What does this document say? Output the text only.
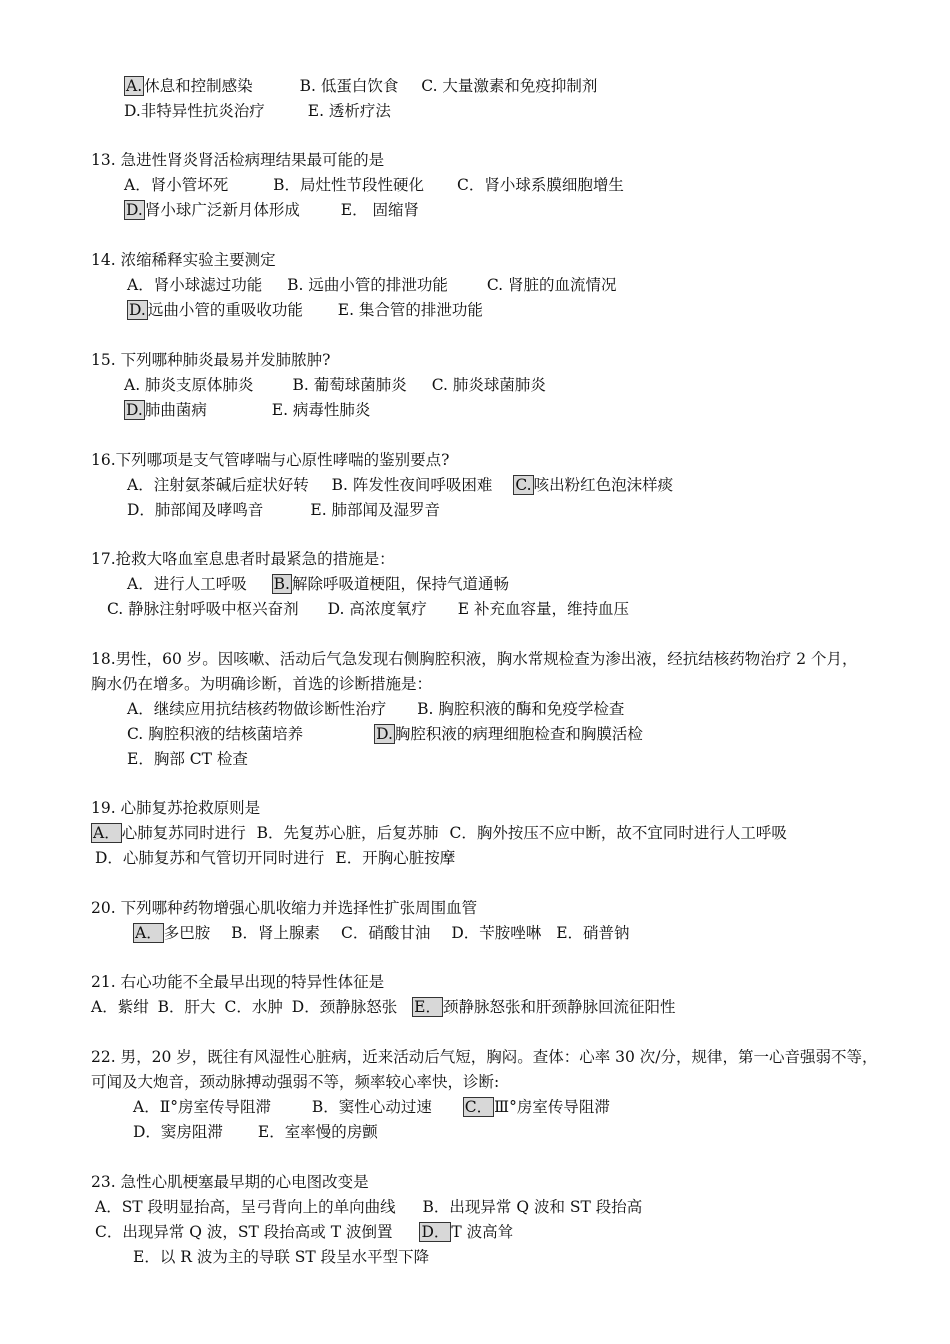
A. 休息和控制感染	B. 低蛋白饮食 C. 大量激素和免疫抑制剂
D.非特异性抗炎治疗	E. 透析疗法
13. 急进性肾炎肾活检病理结果最可能的是
A．肾小管坏死	B．局灶性节段性硬化 C．肾小球系膜细胞增生
D. 肾小球广泛新月体形成	E． 固缩肾
14. 浓缩稀释实验主要测定
A．肾小球滤过功能 B. 远曲小管的排泄功能	C. 肾脏的血流情况
D. 远曲小管的重吸收功能 E. 集合管的排泄功能
15. 下列哪种肺炎最易并发肺脓肿?
A. 肺炎支原体肺炎	B. 葡萄球菌肺炎 C. 肺炎球菌肺炎
D. 肺曲菌病	E. 病毒性肺炎
16.下列哪项是支气管哮喘与心原性哮喘的鉴别要点?
A．注射氨茶碱后症状好转 B. 阵发性夜间呼吸困难 C. 咳出粉红色泡沫样痰
D．肺部闻及哮鸣音	E. 肺部闻及湿罗音
17.抢救大咯血室息患者时最紧急的措施是：
A．进行人工呼吸 B. 解除呼吸道梗阻，保持气道通畅
C. 静脉注射呼吸中枢兴奋剂 D. 高浓度氧疗 E 补充血容量，维持血压
18.男性，60 岁。因咳嗽、活动后气急发现右侧胸腔积液，胸水常规检查为渗出液，经抗结核药物治疗 2 个月，
胸水仍在增多。为明确诊断，首选的诊断措施是：
A．继续应用抗结核药物做诊断性治疗 B. 胸腔积液的酶和免疫学检查
C. 胸腔积液的结核菌培养	D. 胸腔积液的病理细胞检查和胸膜活检
E．胸部 CT 检查
19. 心肺复苏抢救原则是
A． 心肺复苏同时进行 B．先复苏心脏，后复苏肺 C．胸外按压不应中断，故不宜同时进行人工呼吸
D．心肺复苏和气管切开同时进行 E．开胸心脏按摩
20. 下列哪种药物增强心肌收缩力并选择性扩张周围血管
A． 多巴胺 B．肾上腺素 C．硝酸甘油 D．苄胺唑啉 E．硝普钠
21. 右心功能不全最早出现的特异性体征是
A．紫绀 B．肝大 C．水肿 D．颈静脉怒张 E． 颈静脉怒张和肝颈静脉回流征阳性
22. 男，20 岁，既往有风湿性心脏病，近来活动后气短，胸闷。查体：心率 30 次/分，规律，第一心音强弱不等，
可闻及大炮音，颈动脉搏动强弱不等，频率较心率快，诊断:
A．Ⅱ°房室传导阻滞	B．窦性心动过速 C． Ⅲ°房室传导阻滞
D．窦房阻滞 E．室率慢的房颤
23. 急性心肌梗塞最早期的心电图改变是
A．ST 段明显抬高，呈弓背向上的单向曲线 B．出现异常 Q 波和 ST 段抬高
C．出现异常 Q 波，ST 段抬高或 T 波倒置 D． T 波高耸
E．以 R 波为主的导联 ST 段呈水平型下降
